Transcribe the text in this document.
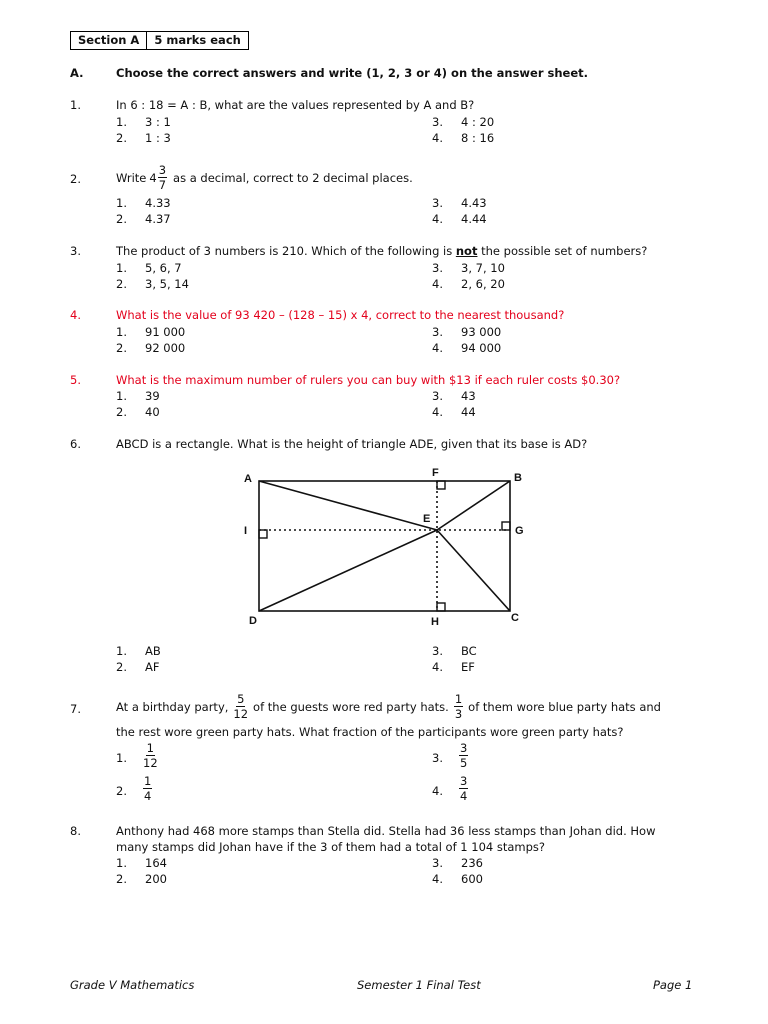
Section A	5 marks each
A.	Choose the correct answers and write (1, 2, 3 or 4) on the answer sheet.
1.	In 6 : 18 = A : B, what are the values represented by A and B?
1. 3 : 1
2. 1 : 3
3. 4 : 20
4. 8 : 16
2.	Write $4 \frac{3}{7}$ as a decimal, correct to 2 decimal places.
1. 4.33
2. 4.37
3. 4.43
4. 4.44
3.	The product of 3 numbers is 210. Which of the following is not the possible set of numbers?
1. 5, 6, 7
2. 3, 5, 14
3. 3, 7, 10
4. 2, 6, 20
4.	What is the value of 93 420 – (128 – 15) x 4, correct to the nearest thousand?
1. 91 000
2. 92 000
3. 93 000
4. 94 000
5.	What is the maximum number of rulers you can buy with $13 if each ruler costs $0.30?
1. 39
2. 40
3. 43
4. 44
6.	ABCD is a rectangle. What is the height of triangle ADE, given that its base is AD?
A	B
C
D
E
F
G
H
I
1. AB
2. AF
3. BC
4. EF
7.	At a birthday party, $\frac{5}{12}$ of the guests wore red party hats. $\frac{1}{3}$ of them wore blue party hats and
the rest wore green party hats. What fraction of the participants wore green party hats?
1. $\frac{1}{12}$
2. $\frac{1}{4}$
3. $\frac{3}{5}$
4. $\frac{3}{4}$
8.	Anthony had 468 more stamps than Stella did. Stella had 36 less stamps than Johan did. How
many stamps did Johan have if the 3 of them had a total of 1 104 stamps?
1. 164
2. 200
3. 236
4. 600
Grade V Mathematics	Semester 1 Final Test	Page 1
